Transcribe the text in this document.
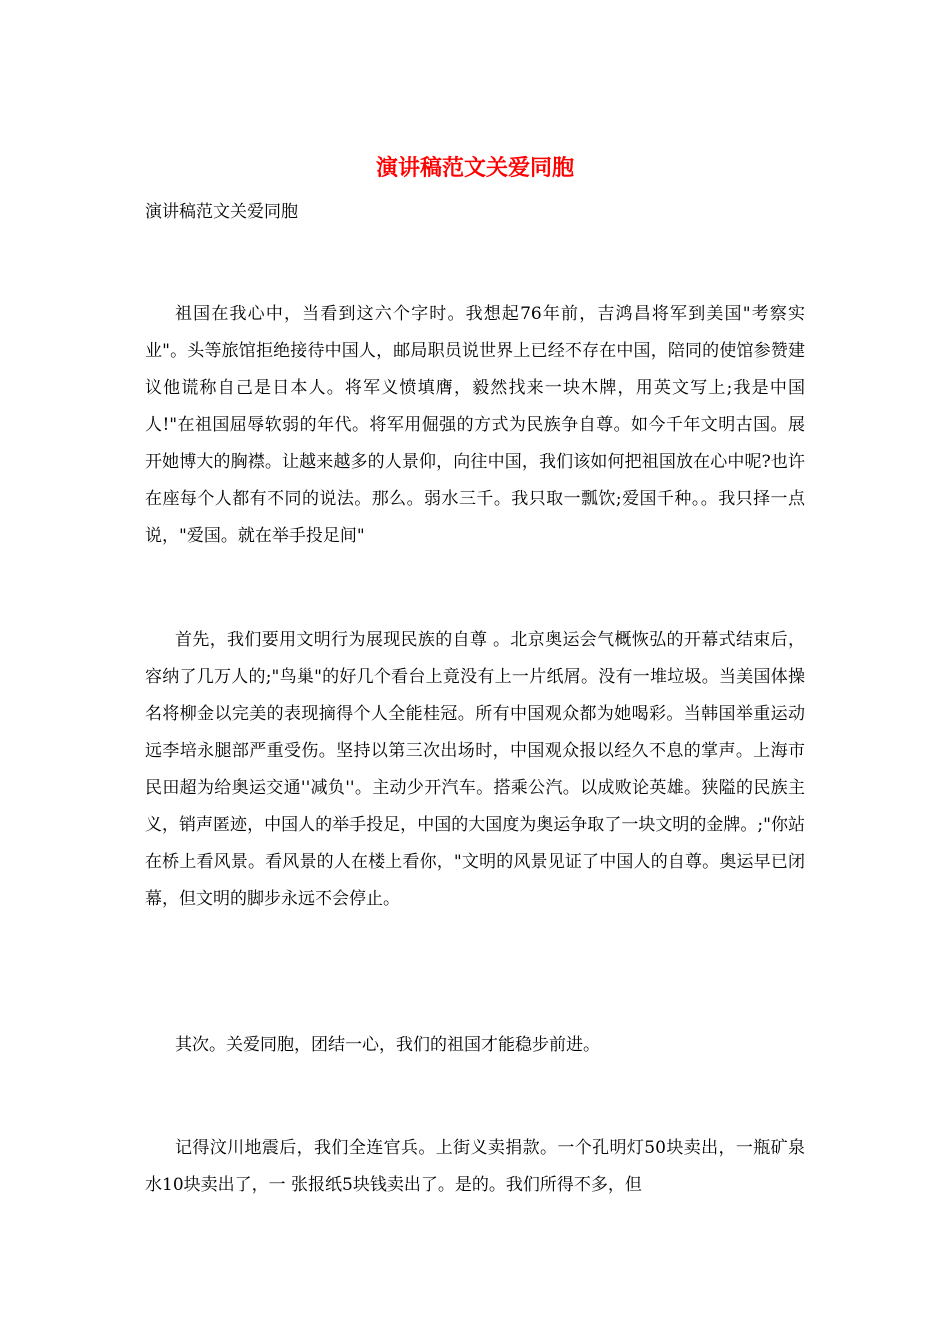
演讲稿范文关爱同胞
演讲稿范文关爱同胞

祖国在我心中，当看到这六个字时。我想起76年前，吉鸿昌将军到美国"考察实业"。头等旅馆拒绝接待中国人，邮局职员说世界上已经不存在中国，陪同的使馆参赞建议他谎称自己是日本人。将军义愤填膺，毅然找来一块木牌，用英文写上;我是中国人!"在祖国屈辱软弱的年代。将军用倔强的方式为民族争自尊。如今千年文明古国。展开她博大的胸襟。让越来越多的人景仰，向往中国，我们该如何把祖国放在心中呢?也许在座每个人都有不同的说法。那么。弱水三千。我只取一瓢饮;爱国千种。。我只择一点说，"爱国。就在举手投足间"

首先，我们要用文明行为展现民族的自尊 。北京奥运会气概恢弘的开幕式结束后，容纳了几万人的;"鸟巢"的好几个看台上竟没有上一片纸屑。没有一堆垃圾。当美国体操名将柳金以完美的表现摘得个人全能桂冠。所有中国观众都为她喝彩。当韩国举重运动远李培永腿部严重受伤。坚持以第三次出场时，中国观众报以经久不息的掌声。上海市民田超为给奥运交通''减负''。主动少开汽车。搭乘公汽。以成败论英雄。狭隘的民族主义，销声匿迹，中国人的举手投足，中国的大国度为奥运争取了一块文明的金牌。;"你站在桥上看风景。看风景的人在楼上看你，"文明的风景见证了中国人的自尊。奥运早已闭幕，但文明的脚步永远不会停止。

其次。关爱同胞，团结一心，我们的祖国才能稳步前进。

记得汶川地震后，我们全连官兵。上街义卖捐款。一个孔明灯50块卖出，一瓶矿泉水10块卖出了，一 张报纸5块钱卖出了。是的。我们所得不多，但
